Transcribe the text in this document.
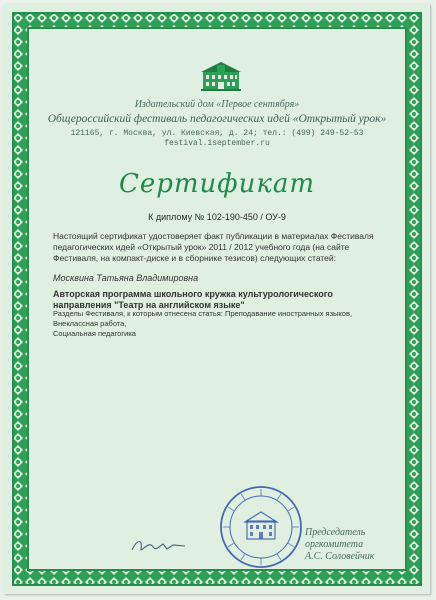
Издательский дом «Первое сентября»
Общероссийский фестиваль педагогических идей «Открытый урок»
121165, г. Москва, ул. Киевская, д. 24; тел.: (499) 249-52-53
festival.1september.ru
Сертификат
К диплому № 102-190-450 / ОУ-9
Настоящий сертификат удостоверяет факт публикации в материалах Фестиваля педагогических идей «Открытый урок» 2011 / 2012 учебного года (на сайте Фестиваля, на компакт-диске и в сборнике тезисов) следующих статей:
Москвина Татьяна Владимировна
Авторская программа школьного кружка культурологического направления "Театр на английском языке"
Разделы Фестиваля, к которым отнесена статья: Преподавание иностранных языков, Внеклассная работа,
Социальная педагогика
Председатель
оргкомитета
А.С. Соловейчик
